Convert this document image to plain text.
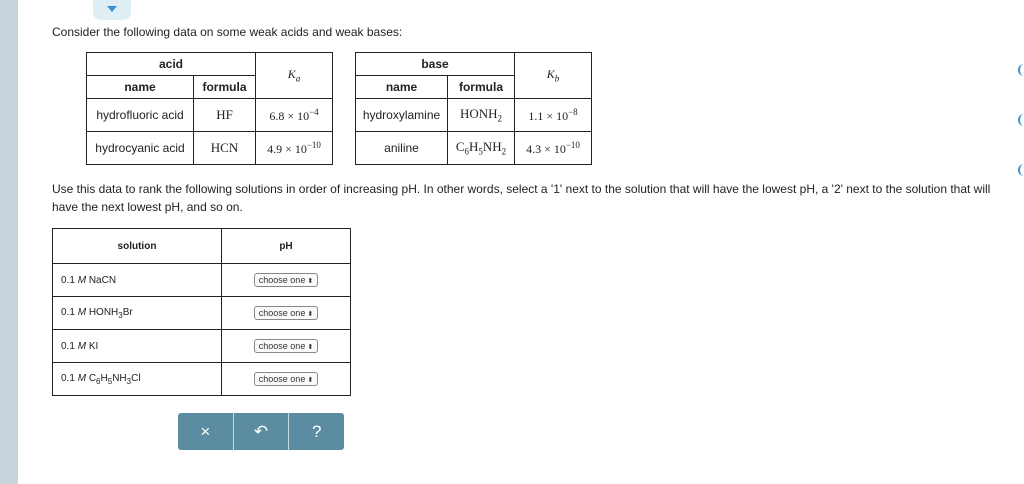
Consider the following data on some weak acids and weak bases:
acid		$K_a$
name	formula	
hydrofluoric acid	HF	$6.8 \times 10^{-4}$
hydrocyanic acid	HCN	$4.9 \times 10^{-10}$
base		$K_b$
name	formula	
hydroxylamine	$HONH_2$	$1.1 \times 10^{-8}$
aniline	$C_6H_5NH_2$	$4.3 \times 10^{-10}$
Use this data to rank the following solutions in order of increasing pH. In other words, select a '1' next to the solution that will have the lowest pH, a '2' next to the solution that will have the next lowest pH, and so on.
solution	pH
0.1 M NaCN	choose one ⬍
0.1 M $HONH_3Br$	choose one ⬍
0.1 M KI	choose one ⬍
0.1 M $C_6H_5NH_3Cl$	choose one ⬍
×	↶	?
